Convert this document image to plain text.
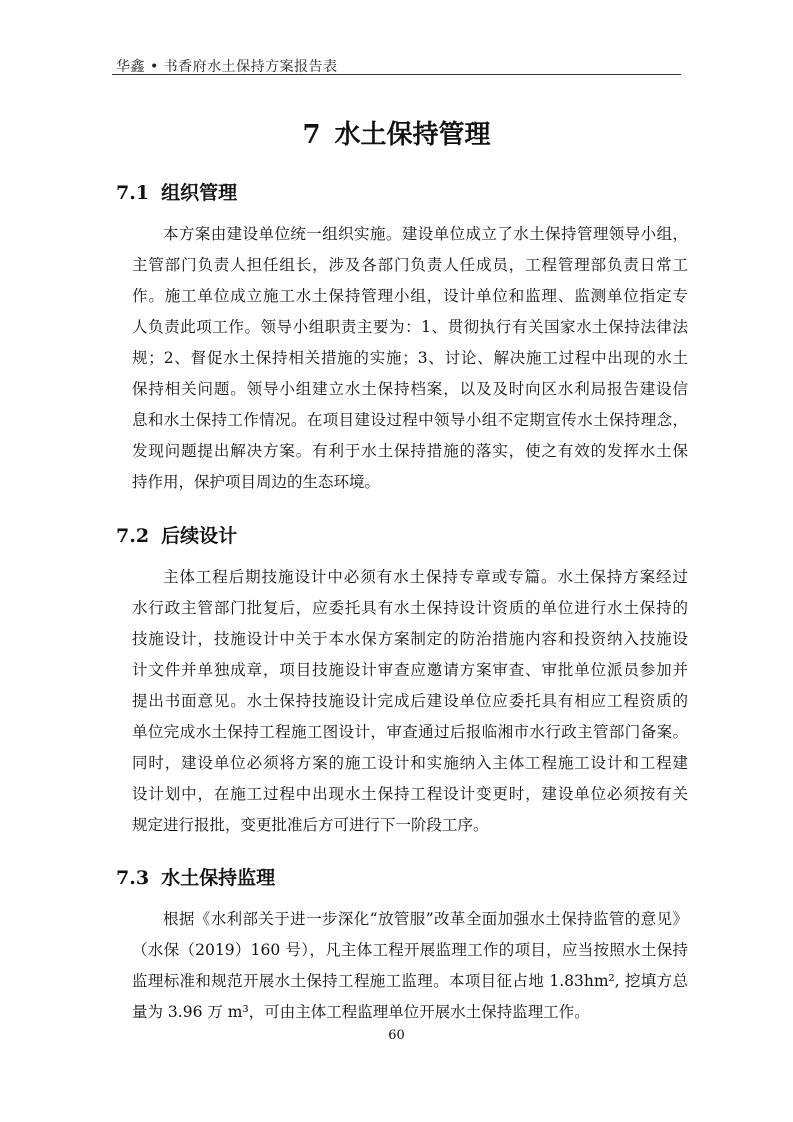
华鑫 • 书香府水土保持方案报告表
7 水土保持管理
7.1 组织管理
本方案由建设单位统一组织实施。建设单位成立了水土保持管理领导小组，
主管部门负责人担任组长，涉及各部门负责人任成员，工程管理部负责日常工
作。施工单位成立施工水土保持管理小组，设计单位和监理、监测单位指定专
人负责此项工作。领导小组职责主要为：1、贯彻执行有关国家水土保持法律法
规；2、督促水土保持相关措施的实施；3、讨论、解决施工过程中出现的水土
保持相关问题。领导小组建立水土保持档案，以及及时向区水利局报告建设信
息和水土保持工作情况。在项目建设过程中领导小组不定期宣传水土保持理念，
发现问题提出解决方案。有利于水土保持措施的落实，使之有效的发挥水土保
持作用，保护项目周边的生态环境。
7.2 后续设计
主体工程后期技施设计中必须有水土保持专章或专篇。水土保持方案经过
水行政主管部门批复后，应委托具有水土保持设计资质的单位进行水土保持的
技施设计，技施设计中关于本水保方案制定的防治措施内容和投资纳入技施设
计文件并单独成章，项目技施设计审查应邀请方案审查、审批单位派员参加并
提出书面意见。水土保持技施设计完成后建设单位应委托具有相应工程资质的
单位完成水土保持工程施工图设计，审查通过后报临湘市水行政主管部门备案。
同时，建设单位必须将方案的施工设计和实施纳入主体工程施工设计和工程建
设计划中，在施工过程中出现水土保持工程设计变更时，建设单位必须按有关
规定进行报批，变更批准后方可进行下一阶段工序。
7.3 水土保持监理
根据《水利部关于进一步深化“放管服”改革全面加强水土保持监管的意见》
（水保（2019）160 号），凡主体工程开展监理工作的项目，应当按照水土保持
监理标准和规范开展水土保持工程施工监理。本项目征占地 1.83hm², 挖填方总
量为 3.96 万 m³，可由主体工程监理单位开展水土保持监理工作。
60
